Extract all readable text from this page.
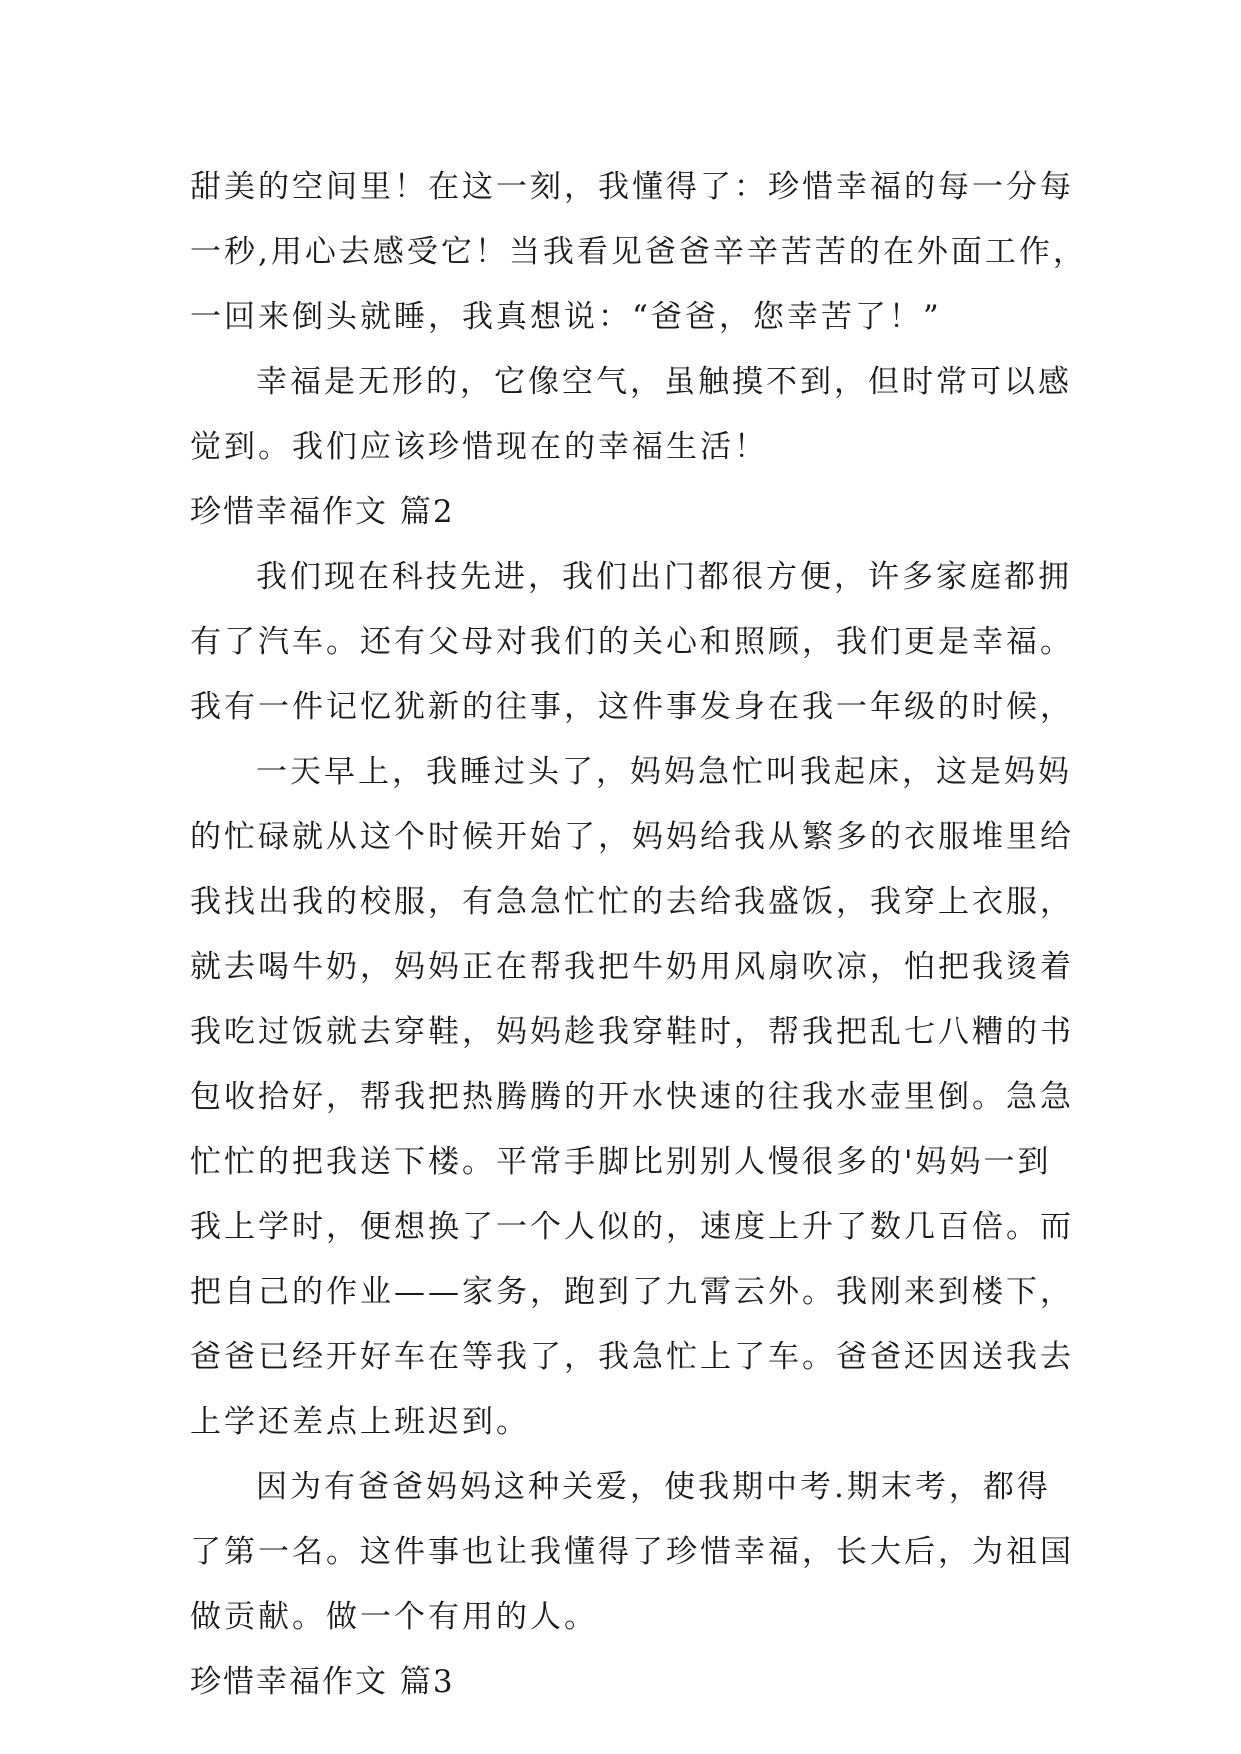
甜美的空间里！在这一刻，我懂得了：珍惜幸福的每一分每
一秒,用心去感受它！当我看见爸爸辛辛苦苦的在外面工作，
一回来倒头就睡，我真想说：“爸爸，您幸苦了！”
幸福是无形的，它像空气，虽触摸不到，但时常可以感
觉到。我们应该珍惜现在的幸福生活！
珍惜幸福作文 篇2
我们现在科技先进，我们出门都很方便，许多家庭都拥
有了汽车。还有父母对我们的关心和照顾，我们更是幸福。
我有一件记忆犹新的往事，这件事发身在我一年级的时候，
一天早上，我睡过头了，妈妈急忙叫我起床，这是妈妈
的忙碌就从这个时候开始了，妈妈给我从繁多的衣服堆里给
我找出我的校服，有急急忙忙的去给我盛饭，我穿上衣服，
就去喝牛奶，妈妈正在帮我把牛奶用风扇吹凉，怕把我烫着
我吃过饭就去穿鞋，妈妈趁我穿鞋时，帮我把乱七八糟的书
包收拾好，帮我把热腾腾的开水快速的往我水壶里倒。急急
忙忙的把我送下楼。平常手脚比别别人慢很多的'妈妈一到
我上学时，便想换了一个人似的，速度上升了数几百倍。而
把自己的作业——家务，跑到了九霄云外。我刚来到楼下，
爸爸已经开好车在等我了，我急忙上了车。爸爸还因送我去
上学还差点上班迟到。
因为有爸爸妈妈这种关爱，使我期中考.期末考，都得
了第一名。这件事也让我懂得了珍惜幸福，长大后，为祖国
做贡献。做一个有用的人。
珍惜幸福作文 篇3
